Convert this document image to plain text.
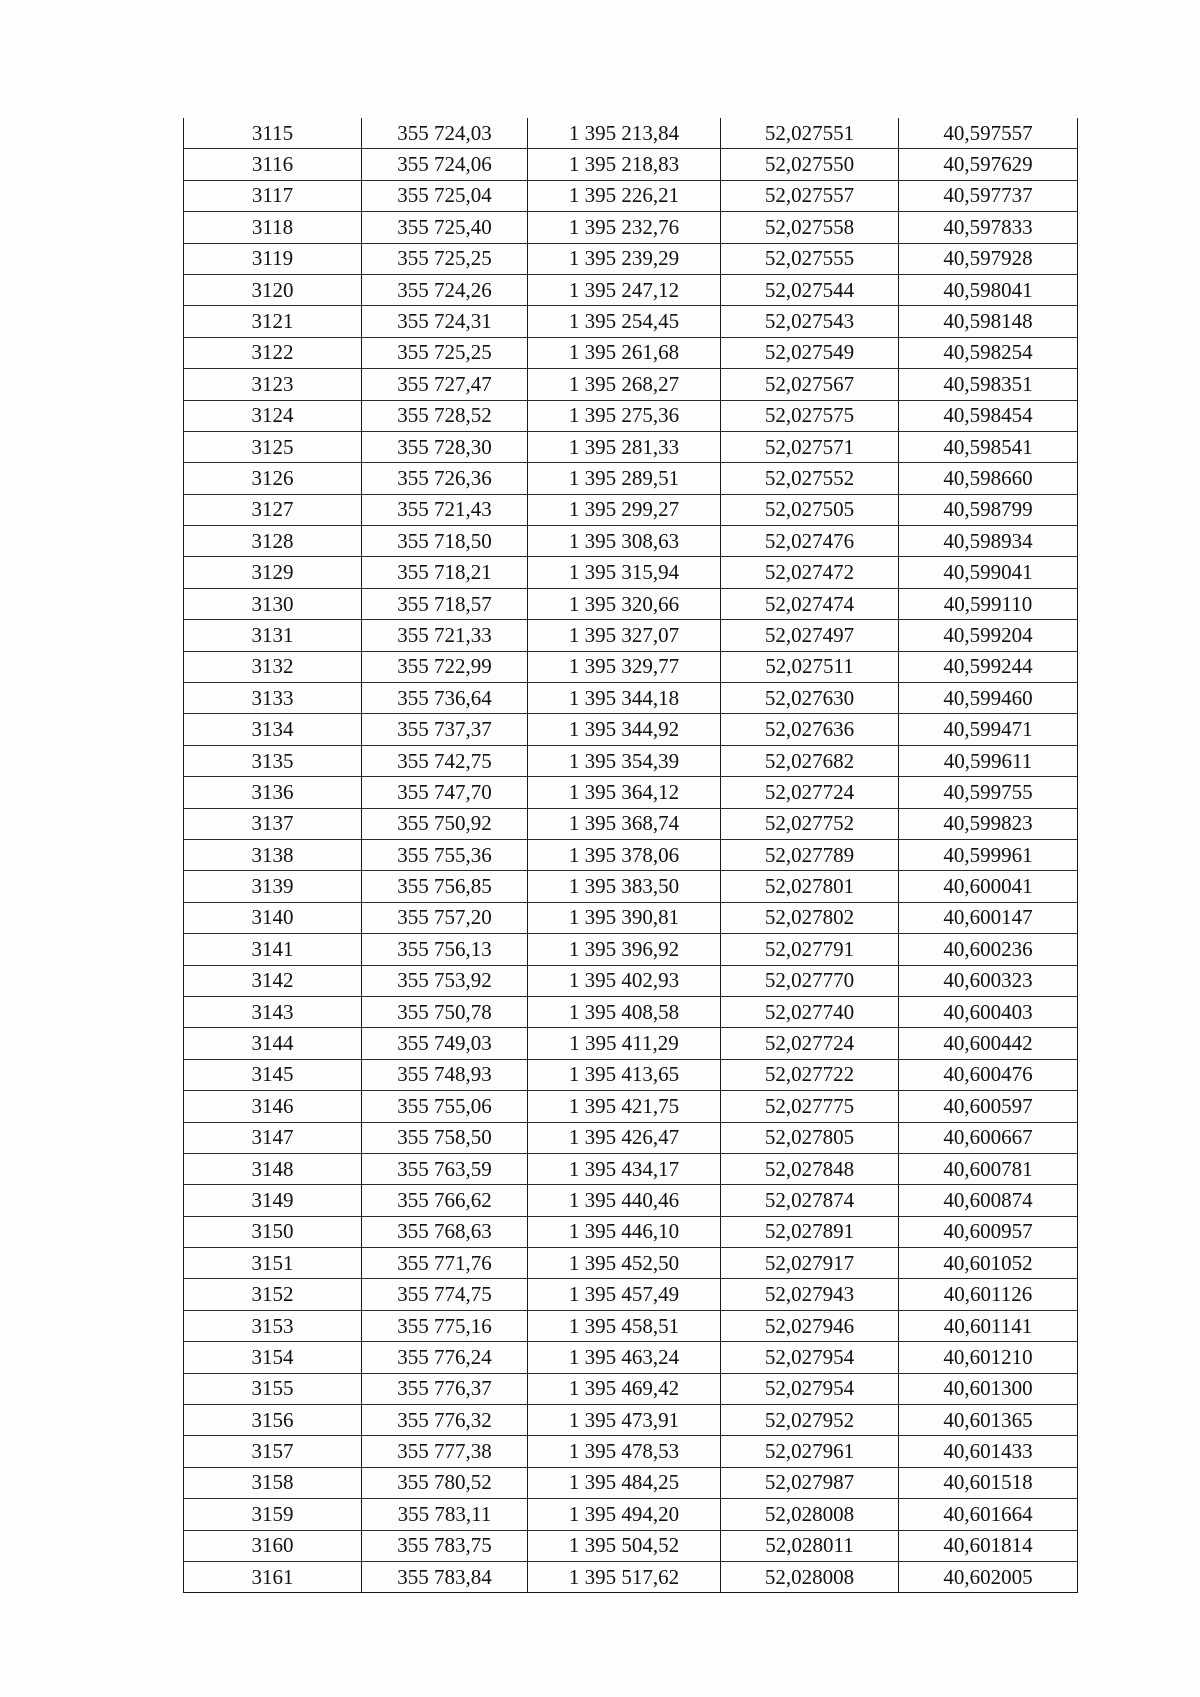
3115	355 724,03	1 395 213,84	52,027551	40,597557
3116	355 724,06	1 395 218,83	52,027550	40,597629
3117	355 725,04	1 395 226,21	52,027557	40,597737
3118	355 725,40	1 395 232,76	52,027558	40,597833
3119	355 725,25	1 395 239,29	52,027555	40,597928
3120	355 724,26	1 395 247,12	52,027544	40,598041
3121	355 724,31	1 395 254,45	52,027543	40,598148
3122	355 725,25	1 395 261,68	52,027549	40,598254
3123	355 727,47	1 395 268,27	52,027567	40,598351
3124	355 728,52	1 395 275,36	52,027575	40,598454
3125	355 728,30	1 395 281,33	52,027571	40,598541
3126	355 726,36	1 395 289,51	52,027552	40,598660
3127	355 721,43	1 395 299,27	52,027505	40,598799
3128	355 718,50	1 395 308,63	52,027476	40,598934
3129	355 718,21	1 395 315,94	52,027472	40,599041
3130	355 718,57	1 395 320,66	52,027474	40,599110
3131	355 721,33	1 395 327,07	52,027497	40,599204
3132	355 722,99	1 395 329,77	52,027511	40,599244
3133	355 736,64	1 395 344,18	52,027630	40,599460
3134	355 737,37	1 395 344,92	52,027636	40,599471
3135	355 742,75	1 395 354,39	52,027682	40,599611
3136	355 747,70	1 395 364,12	52,027724	40,599755
3137	355 750,92	1 395 368,74	52,027752	40,599823
3138	355 755,36	1 395 378,06	52,027789	40,599961
3139	355 756,85	1 395 383,50	52,027801	40,600041
3140	355 757,20	1 395 390,81	52,027802	40,600147
3141	355 756,13	1 395 396,92	52,027791	40,600236
3142	355 753,92	1 395 402,93	52,027770	40,600323
3143	355 750,78	1 395 408,58	52,027740	40,600403
3144	355 749,03	1 395 411,29	52,027724	40,600442
3145	355 748,93	1 395 413,65	52,027722	40,600476
3146	355 755,06	1 395 421,75	52,027775	40,600597
3147	355 758,50	1 395 426,47	52,027805	40,600667
3148	355 763,59	1 395 434,17	52,027848	40,600781
3149	355 766,62	1 395 440,46	52,027874	40,600874
3150	355 768,63	1 395 446,10	52,027891	40,600957
3151	355 771,76	1 395 452,50	52,027917	40,601052
3152	355 774,75	1 395 457,49	52,027943	40,601126
3153	355 775,16	1 395 458,51	52,027946	40,601141
3154	355 776,24	1 395 463,24	52,027954	40,601210
3155	355 776,37	1 395 469,42	52,027954	40,601300
3156	355 776,32	1 395 473,91	52,027952	40,601365
3157	355 777,38	1 395 478,53	52,027961	40,601433
3158	355 780,52	1 395 484,25	52,027987	40,601518
3159	355 783,11	1 395 494,20	52,028008	40,601664
3160	355 783,75	1 395 504,52	52,028011	40,601814
3161	355 783,84	1 395 517,62	52,028008	40,602005
